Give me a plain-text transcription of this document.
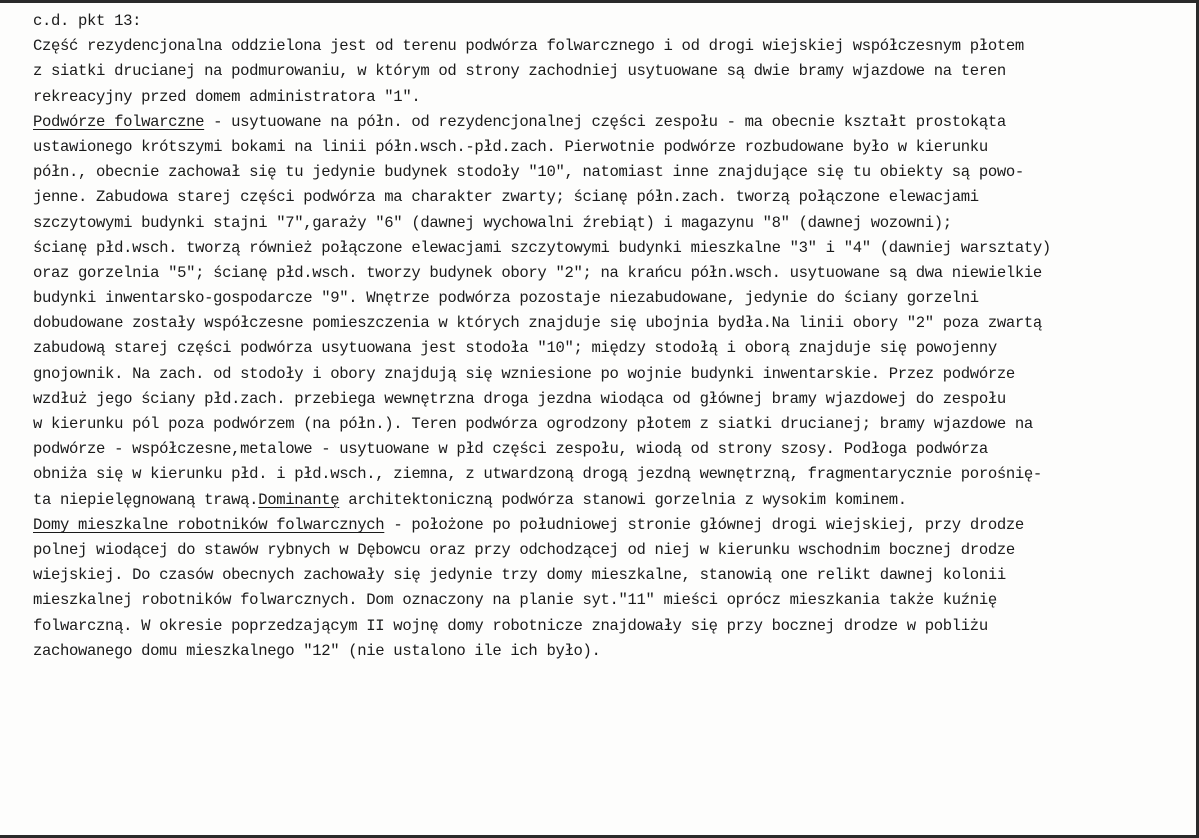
c.d. pkt 13:
Część rezydencjonalna oddzielona jest od terenu podwórza folwarcznego i od drogi wiejskiej współczesnym płotem
z siatki drucianej na podmurowaniu, w którym od strony zachodniej usytuowane są dwie bramy wjazdowe na teren
rekreacyjny przed domem administratora "1".
Podwórze folwarczne - usytuowane na półn. od rezydencjonalnej części zespołu - ma obecnie kształt prostokąta
ustawionego krótszymi bokami na linii półn.wsch.-płd.zach. Pierwotnie podwórze rozbudowane było w kierunku
półn., obecnie zachował się tu jedynie budynek stodoły "10", natomiast inne znajdujące się tu obiekty są powo-
jenne. Zabudowa starej części podwórza ma charakter zwarty; ścianę półn.zach. tworzą połączone elewacjami
szczytowymi budynki stajni "7",garaży "6" (dawnej wychowalni źrebiąt) i magazynu "8" (dawnej wozowni);
ścianę płd.wsch. tworzą również połączone elewacjami szczytowymi budynki mieszkalne "3" i "4" (dawniej warsztaty)
oraz gorzelnia "5"; ścianę płd.wsch. tworzy budynek obory "2"; na krańcu półn.wsch. usytuowane są dwa niewielkie
budynki inwentarsko-gospodarcze "9". Wnętrze podwórza pozostaje niezabudowane, jedynie do ściany gorzelni
dobudowane zostały współczesne pomieszczenia w których znajduje się ubojnia bydła.Na linii obory "2" poza zwartą
zabudową starej części podwórza usytuowana jest stodoła "10"; między stodołą i oborą znajduje się powojenny
gnojownik. Na zach. od stodoły i obory znajdują się wzniesione po wojnie budynki inwentarskie. Przez podwórze
wzdłuż jego ściany płd.zach. przebiega wewnętrzna droga jezdna wiodąca od głównej bramy wjazdowej do zespołu
w kierunku pól poza podwórzem (na półn.). Teren podwórza ogrodzony płotem z siatki drucianej; bramy wjazdowe na
podwórze - współczesne,metalowe - usytuowane w płd części zespołu, wiodą od strony szosy. Podłoga podwórza
obniża się w kierunku płd. i płd.wsch., ziemna, z utwardzoną drogą jezdną wewnętrzną, fragmentarycznie porośnię-
ta niepielęgnowaną trawą.Dominantę architektoniczną podwórza stanowi gorzelnia z wysokim kominem.
Domy mieszkalne robotników folwarcznych - położone po południowej stronie głównej drogi wiejskiej, przy drodze
polnej wiodącej do stawów rybnych w Dębowcu oraz przy odchodzącej od niej w kierunku wschodnim bocznej drodze
wiejskiej. Do czasów obecnych zachowały się jedynie trzy domy mieszkalne, stanowią one relikt dawnej kolonii
mieszkalnej robotników folwarcznych. Dom oznaczony na planie syt."11" mieści oprócz mieszkania także kuźnię
folwarczną. W okresie poprzedzającym II wojnę domy robotnicze znajdowały się przy bocznej drodze w pobliżu
zachowanego domu mieszkalnego "12" (nie ustalono ile ich było).
